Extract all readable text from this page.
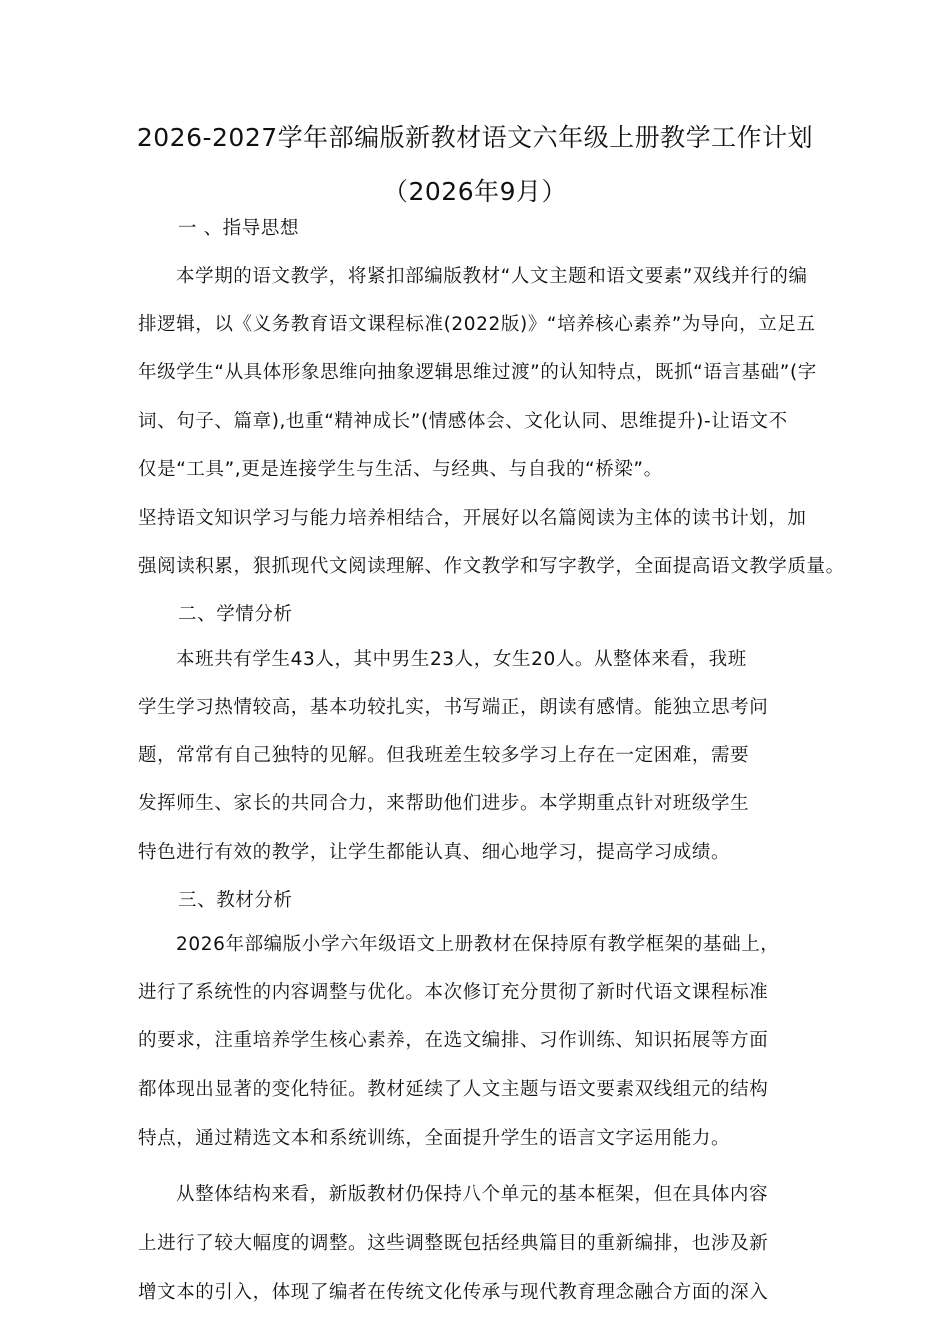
2026-2027学年部编版新教材语文六年级上册教学工作计划
（2026年9月）
一 、指导思想
本学期的语文教学，将紧扣部编版教材“人文主题和语文要素”双线并行的编
排逻辑，以《义务教育语文课程标准(2022版)》“培养核心素养”为导向，立足五
年级学生“从具体形象思维向抽象逻辑思维过渡”的认知特点，既抓“语言基础”(字
词、句子、篇章),也重“精神成长”(情感体会、文化认同、思维提升)-让语文不
仅是“工具”,更是连接学生与生活、与经典、与自我的“桥梁”。
坚持语文知识学习与能力培养相结合，开展好以名篇阅读为主体的读书计划，加
强阅读积累，狠抓现代文阅读理解、作文教学和写字教学，全面提高语文教学质量。
二、学情分析
本班共有学生43人，其中男生23人，女生20人。从整体来看，我班
学生学习热情较高，基本功较扎实，书写端正，朗读有感情。能独立思考问
题，常常有自己独特的见解。但我班差生较多学习上存在一定困难，需要
发挥师生、家长的共同合力，来帮助他们进步。本学期重点针对班级学生
特色进行有效的教学，让学生都能认真、细心地学习，提高学习成绩。
三、教材分析
2026年部编版小学六年级语文上册教材在保持原有教学框架的基础上，
进行了系统性的内容调整与优化。本次修订充分贯彻了新时代语文课程标准
的要求，注重培养学生核心素养，在选文编排、习作训练、知识拓展等方面
都体现出显著的变化特征。教材延续了人文主题与语文要素双线组元的结构
特点，通过精选文本和系统训练，全面提升学生的语言文字运用能力。
从整体结构来看，新版教材仍保持八个单元的基本框架，但在具体内容
上进行了较大幅度的调整。这些调整既包括经典篇目的重新编排，也涉及新
增文本的引入，体现了编者在传统文化传承与现代教育理念融合方面的深入
